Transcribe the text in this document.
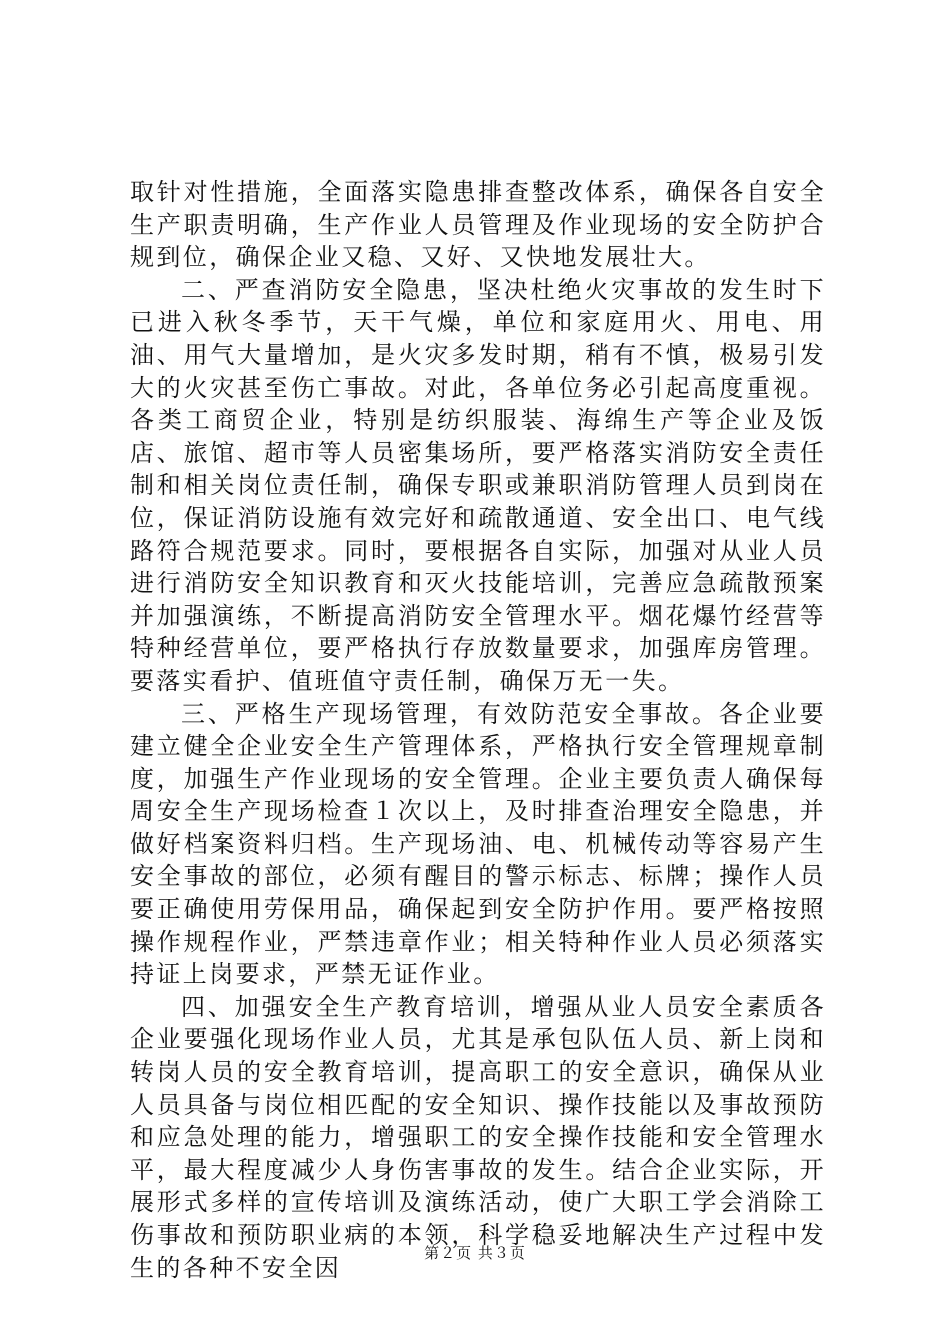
取针对性措施，全面落实隐患排查整改体系，确保各自安全生产职责明确，生产作业人员管理及作业现场的安全防护合规到位，确保企业又稳、又好、又快地发展壮大。

二、严查消防安全隐患，坚决杜绝火灾事故的发生时下已进入秋冬季节，天干气燥，单位和家庭用火、用电、用油、用气大量增加，是火灾多发时期，稍有不慎，极易引发大的火灾甚至伤亡事故。对此，各单位务必引起高度重视。各类工商贸企业，特别是纺织服装、海绵生产等企业及饭店、旅馆、超市等人员密集场所，要严格落实消防安全责任制和相关岗位责任制，确保专职或兼职消防管理人员到岗在位，保证消防设施有效完好和疏散通道、安全出口、电气线路符合规范要求。同时，要根据各自实际，加强对从业人员进行消防安全知识教育和灭火技能培训，完善应急疏散预案并加强演练，不断提高消防安全管理水平。烟花爆竹经营等特种经营单位，要严格执行存放数量要求，加强库房管理。要落实看护、值班值守责任制，确保万无一失。

三、严格生产现场管理，有效防范安全事故。各企业要建立健全企业安全生产管理体系，严格执行安全管理规章制度，加强生产作业现场的安全管理。企业主要负责人确保每周安全生产现场检查１次以上，及时排查治理安全隐患，并做好档案资料归档。生产现场油、电、机械传动等容易产生安全事故的部位，必须有醒目的警示标志、标牌；操作人员要正确使用劳保用品，确保起到安全防护作用。要严格按照操作规程作业，严禁违章作业；相关特种作业人员必须落实持证上岗要求，严禁无证作业。

四、加强安全生产教育培训，增强从业人员安全素质各企业要强化现场作业人员，尤其是承包队伍人员、新上岗和转岗人员的安全教育培训，提高职工的安全意识，确保从业人员具备与岗位相匹配的安全知识、操作技能以及事故预防和应急处理的能力，增强职工的安全操作技能和安全管理水平，最大程度减少人身伤害事故的发生。结合企业实际，开展形式多样的宣传培训及演练活动，使广大职工学会消除工伤事故和预防职业病的本领，科学稳妥地解决生产过程中发生的各种不安全因

第２页 共３页
